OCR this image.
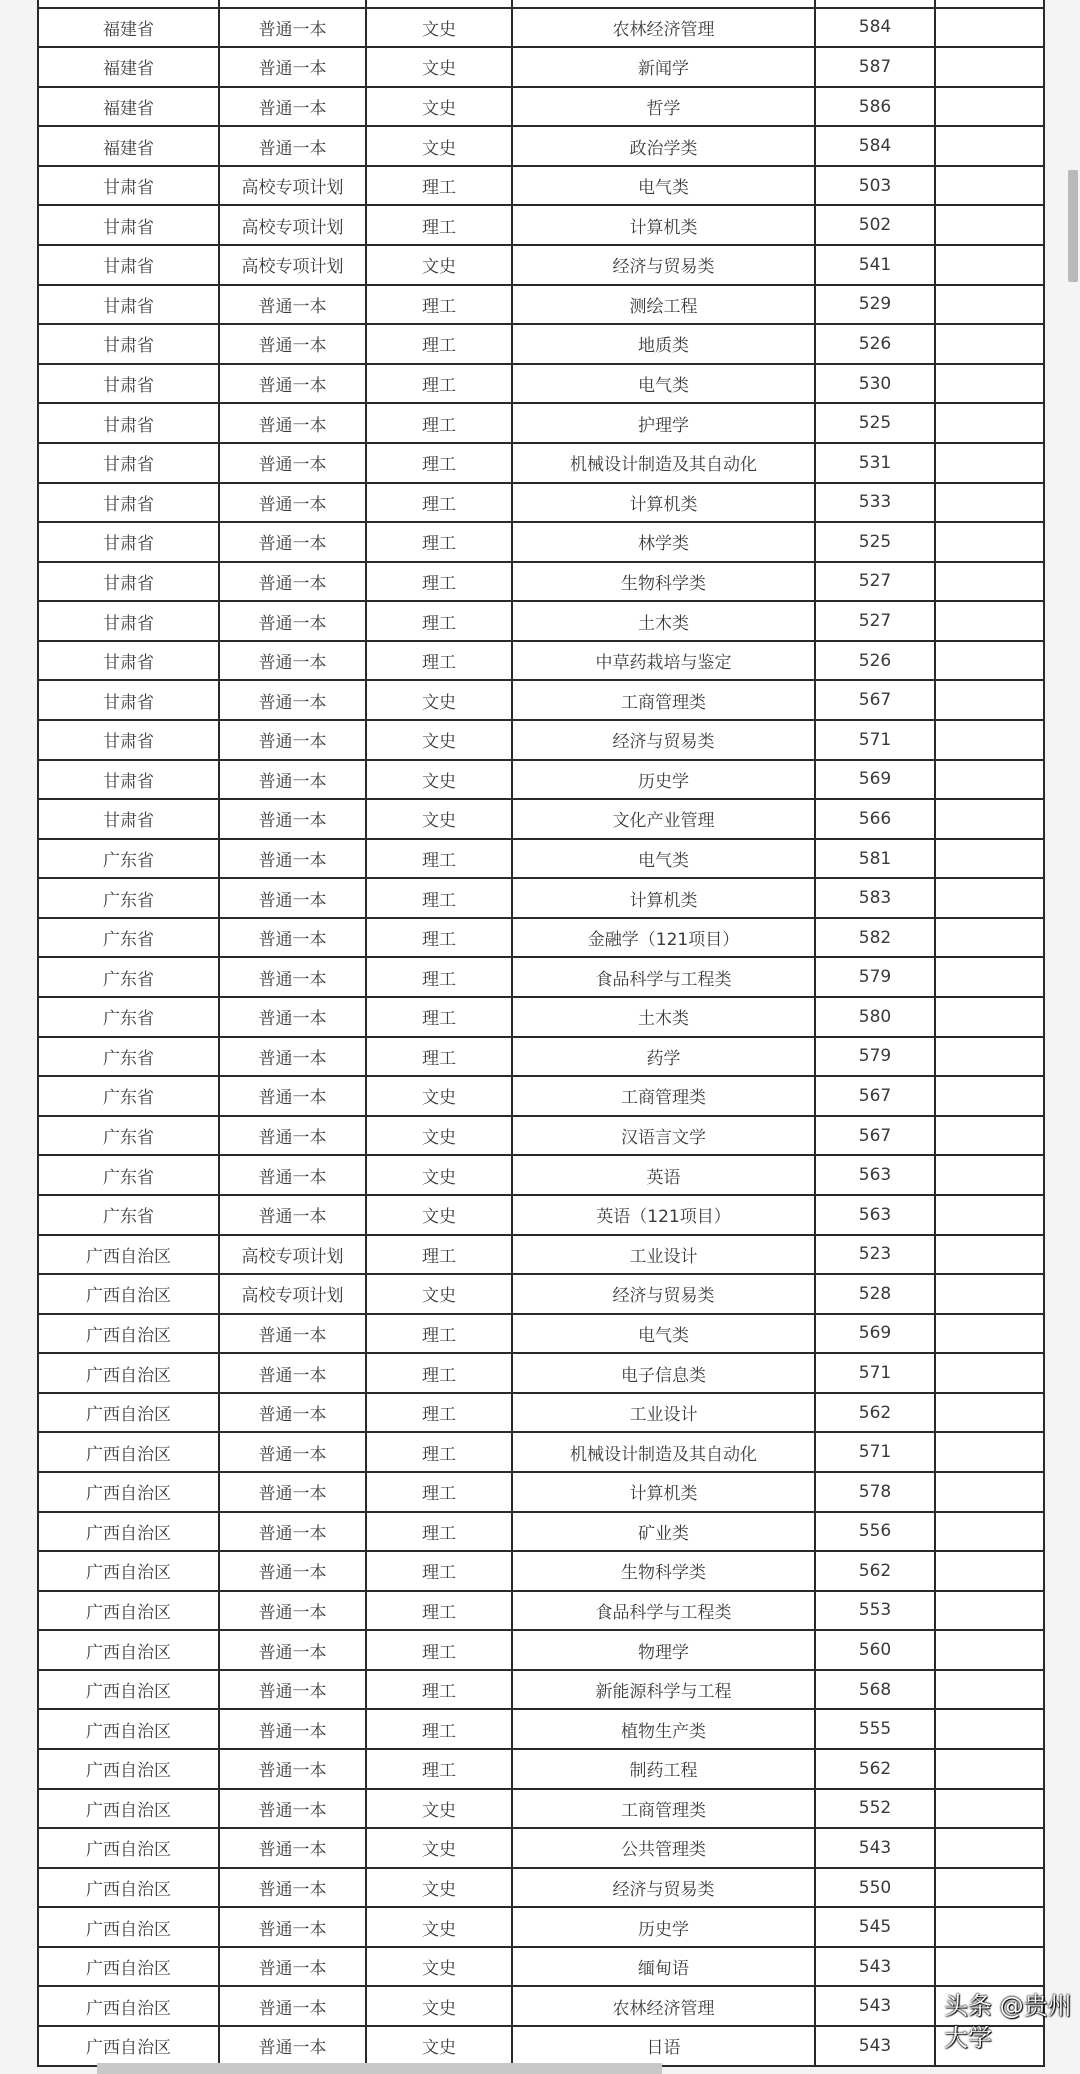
福建省	普通一本	文史	农林经济管理	584
福建省	普通一本	文史	新闻学	587
福建省	普通一本	文史	哲学	586
福建省	普通一本	文史	政治学类	584
甘肃省	高校专项计划	理工	电气类	503
甘肃省	高校专项计划	理工	计算机类	502
甘肃省	高校专项计划	文史	经济与贸易类	541
甘肃省	普通一本	理工	测绘工程	529
甘肃省	普通一本	理工	地质类	526
甘肃省	普通一本	理工	电气类	530
甘肃省	普通一本	理工	护理学	525
甘肃省	普通一本	理工	机械设计制造及其自动化	531
甘肃省	普通一本	理工	计算机类	533
甘肃省	普通一本	理工	林学类	525
甘肃省	普通一本	理工	生物科学类	527
甘肃省	普通一本	理工	土木类	527
甘肃省	普通一本	理工	中草药栽培与鉴定	526
甘肃省	普通一本	文史	工商管理类	567
甘肃省	普通一本	文史	经济与贸易类	571
甘肃省	普通一本	文史	历史学	569
甘肃省	普通一本	文史	文化产业管理	566
广东省	普通一本	理工	电气类	581
广东省	普通一本	理工	计算机类	583
广东省	普通一本	理工	金融学（121项目）	582
广东省	普通一本	理工	食品科学与工程类	579
广东省	普通一本	理工	土木类	580
广东省	普通一本	理工	药学	579
广东省	普通一本	文史	工商管理类	567
广东省	普通一本	文史	汉语言文学	567
广东省	普通一本	文史	英语	563
广东省	普通一本	文史	英语（121项目）	563
广西自治区	高校专项计划	理工	工业设计	523
广西自治区	高校专项计划	文史	经济与贸易类	528
广西自治区	普通一本	理工	电气类	569
广西自治区	普通一本	理工	电子信息类	571
广西自治区	普通一本	理工	工业设计	562
广西自治区	普通一本	理工	机械设计制造及其自动化	571
广西自治区	普通一本	理工	计算机类	578
广西自治区	普通一本	理工	矿业类	556
广西自治区	普通一本	理工	生物科学类	562
广西自治区	普通一本	理工	食品科学与工程类	553
广西自治区	普通一本	理工	物理学	560
广西自治区	普通一本	理工	新能源科学与工程	568
广西自治区	普通一本	理工	植物生产类	555
广西自治区	普通一本	理工	制药工程	562
广西自治区	普通一本	文史	工商管理类	552
广西自治区	普通一本	文史	公共管理类	543
广西自治区	普通一本	文史	经济与贸易类	550
广西自治区	普通一本	文史	历史学	545
广西自治区	普通一本	文史	缅甸语	543
广西自治区	普通一本	文史	农林经济管理	543
广西自治区	普通一本	文史	日语	543
头条 @贵州大学
